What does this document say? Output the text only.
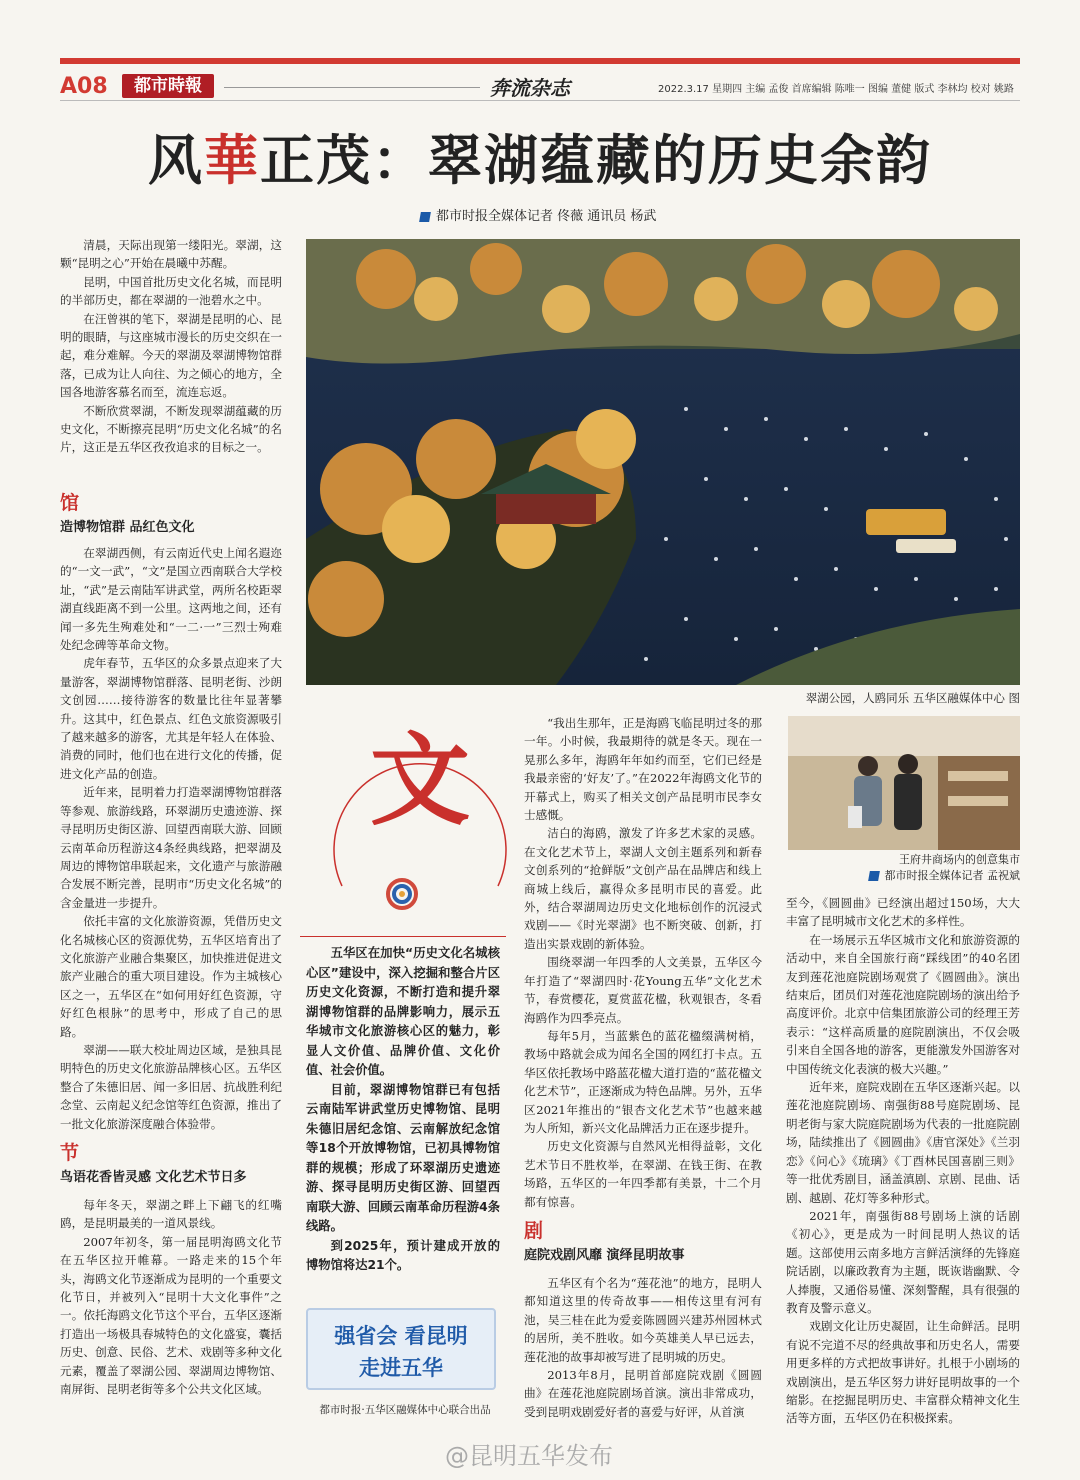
A08	都市時報	奔流杂志	2022.3.17 星期四 主编 孟俊 首席编辑 陈唯一 图编 董健 版式 李林均 校对 姚路
风華正茂：翠湖蕴藏的历史余韵
都市时报全媒体记者 佟薇 通讯员 杨武

清晨，天际出现第一缕阳光。翠湖，这颗“昆明之心”开始在晨曦中苏醒。

昆明，中国首批历史文化名城，而昆明的半部历史，都在翠湖的一池碧水之中。

在汪曾祺的笔下，翠湖是昆明的心、昆明的眼睛，与这座城市漫长的历史交织在一起，难分难解。今天的翠湖及翠湖博物馆群落，已成为让人向往、为之倾心的地方，全国各地游客慕名而至，流连忘返。

不断欣赏翠湖，不断发现翠湖蕴藏的历史文化，不断擦亮昆明“历史文化名城”的名片，这正是五华区孜孜追求的目标之一。

馆
造博物馆群 品红色文化

在翠湖西侧，有云南近代史上闻名遐迩的“一文一武”，“文”是国立西南联合大学校址，“武”是云南陆军讲武堂，两所名校距翠湖直线距离不到一公里。这两地之间，还有闻一多先生殉难处和“一二·一”三烈士殉难处纪念碑等革命文物。

虎年春节，五华区的众多景点迎来了大量游客，翠湖博物馆群落、昆明老街、沙朗文创园……接待游客的数量比往年显著攀升。这其中，红色景点、红色文旅资源吸引了越来越多的游客，尤其是年轻人在体验、消费的同时，他们也在进行文化的传播，促进文化产品的创造。

近年来，昆明着力打造翠湖博物馆群落等参观、旅游线路，环翠湖历史遗迹游、探寻昆明历史街区游、回望西南联大游、回顾云南革命历程游这4条经典线路，把翠湖及周边的博物馆串联起来，文化遗产与旅游融合发展不断完善，昆明市“历史文化名城”的含金量进一步提升。

依托丰富的文化旅游资源，凭借历史文化名城核心区的资源优势，五华区培育出了文化旅游产业融合集聚区，加快推进促进文旅产业融合的重大项目建设。作为主城核心区之一，五华区在“如何用好红色资源，守好红色根脉”的思考中，形成了自己的思路。

翠湖——联大校址周边区域，是独具昆明特色的历史文化旅游品牌核心区。五华区整合了朱德旧居、闻一多旧居、抗战胜利纪念堂、云南起义纪念馆等红色资源，推出了一批文化旅游深度融合体验带。

节
鸟语花香皆灵感 文化艺术节日多

每年冬天，翠湖之畔上下翩飞的红嘴鸥，是昆明最美的一道风景线。

2007年初冬，第一届昆明海鸥文化节在五华区拉开帷幕。一路走来的15个年头，海鸥文化节逐渐成为昆明的一个重要文化节日，并被列入“昆明十大文化事件”之一。依托海鸥文化节这个平台，五华区逐渐打造出一场极具春城特色的文化盛宴，囊括历史、创意、民俗、艺术、戏剧等多种文化元素，覆盖了翠湖公园、翠湖周边博物馆、南屏街、昆明老街等多个公共文化区域。

翠湖公园，人鸥同乐 五华区融媒体中心 图
文

五华区在加快“历史文化名城核心区”建设中，深入挖掘和整合片区历史文化资源，不断打造和提升翠湖博物馆群的品牌影响力，展示五华城市文化旅游核心区的魅力，彰显人文价值、品牌价值、文化价值、社会价值。

目前，翠湖博物馆群已有包括云南陆军讲武堂历史博物馆、昆明朱德旧居纪念馆、云南解放纪念馆等18个开放博物馆，已初具博物馆群的规模；形成了环翠湖历史遗迹游、探寻昆明历史街区游、回望西南联大游、回顾云南革命历程游4条线路。

到2025年，预计建成开放的博物馆将达21个。

强省会 看昆明
走进五华
都市时报·五华区融媒体中心联合出品

“我出生那年，正是海鸥飞临昆明过冬的那一年。小时候，我最期待的就是冬天。现在一晃那么多年，海鸥年年如约而至，它们已经是我最亲密的‘好友’了。”在2022年海鸥文化节的开幕式上，购买了相关文创产品昆明市民李女士感慨。

洁白的海鸥，激发了许多艺术家的灵感。在文化艺术节上，翠湖人文创主题系列和新春文创系列的“抢鲜版”文创产品在品牌店和线上商城上线后，赢得众多昆明市民的喜爱。此外，结合翠湖周边历史文化地标创作的沉浸式戏剧——《时光翠湖》也不断突破、创新，打造出实景戏剧的新体验。

围绕翠湖一年四季的人文美景，五华区今年打造了“翠湖四时·花Young五华”文化艺术节，春赏樱花，夏赏蓝花楹，秋观银杏，冬看海鸥作为四季亮点。

每年5月，当蓝紫色的蓝花楹缀满树梢，教场中路就会成为闻名全国的网红打卡点。五华区依托教场中路蓝花楹大道打造的“蓝花楹文化艺术节”，正逐渐成为特色品牌。另外，五华区2021年推出的“银杏文化艺术节”也越来越为人所知，新兴文化品牌活力正在逐步提升。

历史文化资源与自然风光相得益彰，文化艺术节日不胜枚举，在翠湖、在钱王街、在教场路，五华区的一年四季都有美景，十二个月都有惊喜。

剧
庭院戏剧风靡 演绎昆明故事

五华区有个名为“莲花池”的地方，昆明人都知道这里的传奇故事——相传这里有河有池，吴三桂在此为爱妾陈圆圆兴建苏州园林式的居所，美不胜收。如今英雄美人早已远去，莲花池的故事却被写进了昆明城的历史。

2013年8月，昆明首部庭院戏剧《圆圆曲》在莲花池庭院剧场首演。演出非常成功，受到昆明戏剧爱好者的喜爱与好评，从首演

王府井商场内的创意集市
都市时报全媒体记者 孟祝斌
至今，《圆圆曲》已经演出超过150场，大大丰富了昆明城市文化艺术的多样性。

在一场展示五华区城市文化和旅游资源的活动中，来自全国旅行商“踩线团”的40名团友到莲花池庭院剧场观赏了《圆圆曲》。演出结束后，团员们对莲花池庭院剧场的演出给予高度评价。北京中信集团旅游公司的经理王芳表示：“这样高质量的庭院剧演出，不仅会吸引来自全国各地的游客，更能激发外国游客对中国传统文化表演的极大兴趣。”

近年来，庭院戏剧在五华区逐渐兴起。以莲花池庭院剧场、南强街88号庭院剧场、昆明老街与家大院庭院剧场为代表的一批庭院剧场，陆续推出了《圆圆曲》《唐官深处》《兰羽恋》《问心》《琉璃》《丁酉林民国喜剧三则》等一批优秀剧目，涵盖滇剧、京剧、昆曲、话剧、越剧、花灯等多种形式。

2021年，南强街88号剧场上演的话剧《初心》，更是成为一时间昆明人热议的话题。这部使用云南多地方言鲜活演绎的先锋庭院话剧，以廉政教育为主题，既诙谐幽默、令人捧腹，又通俗易懂、深刻警醒，具有很强的教育及警示意义。

戏剧文化让历史凝固，让生命鲜活。昆明有说不完道不尽的经典故事和历史名人，需要用更多样的方式把故事讲好。扎根于小剧场的戏剧演出，是五华区努力讲好昆明故事的一个缩影。在挖掘昆明历史、丰富群众精神文化生活等方面，五华区仍在积极探索。

@昆明五华发布
